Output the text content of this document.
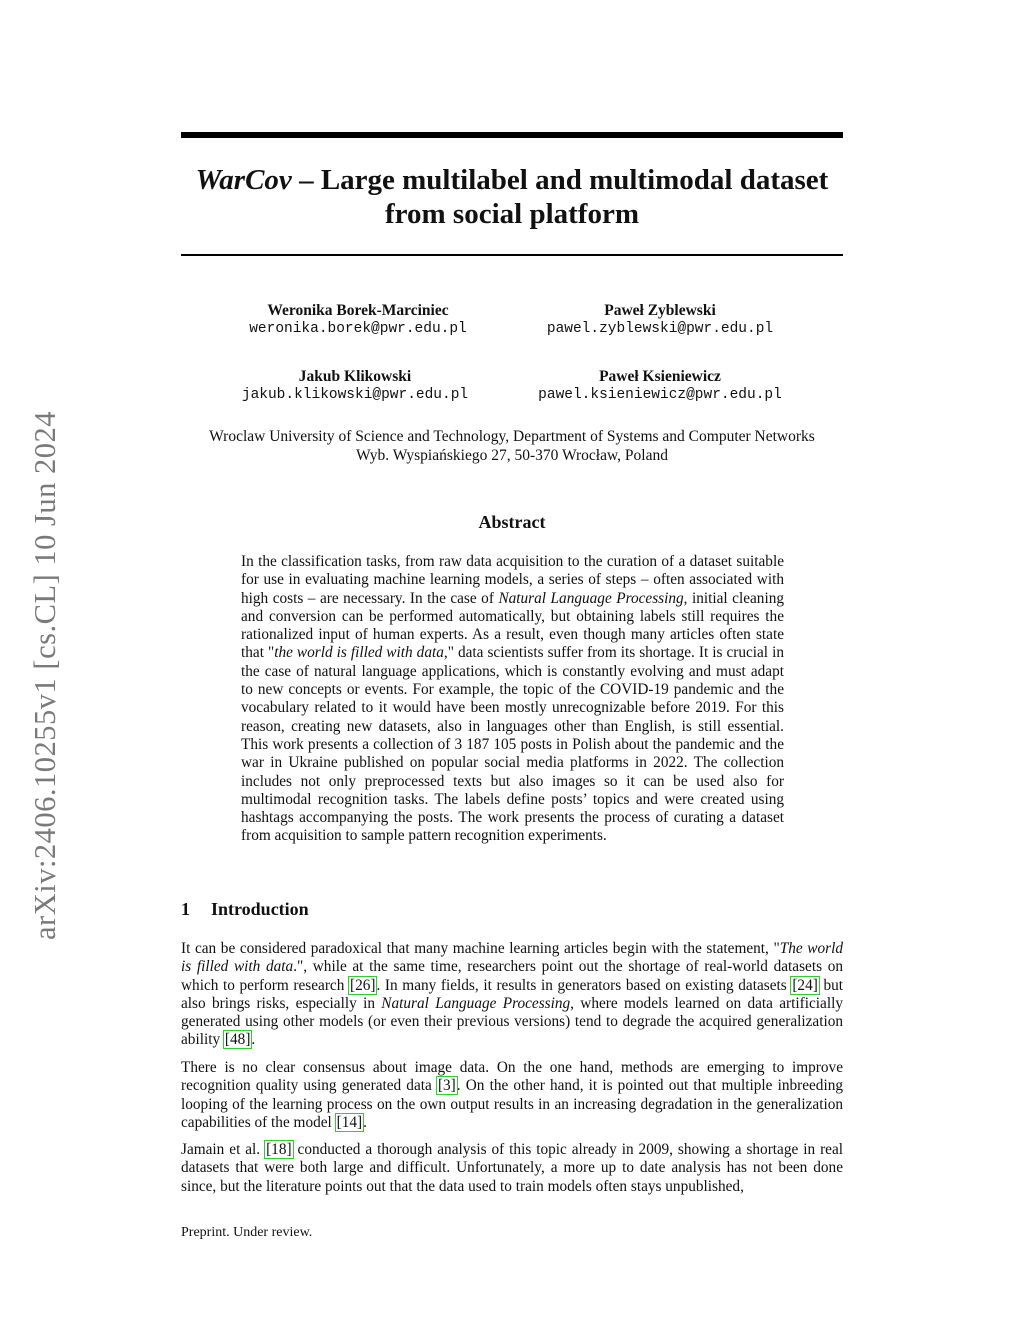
arXiv:2406.10255v1 [cs.CL] 10 Jun 2024
WarCov – Large multilabel and multimodal dataset
from social platform
Weronika Borek-Marciniec
weronika.borek@pwr.edu.pl
Paweł Zyblewski
pawel.zyblewski@pwr.edu.pl
Jakub Klikowski
jakub.klikowski@pwr.edu.pl
Paweł Ksieniewicz
pawel.ksieniewicz@pwr.edu.pl
Wroclaw University of Science and Technology, Department of Systems and Computer Networks
Wyb. Wyspiańskiego 27, 50-370 Wrocław, Poland
Abstract

In the classification tasks, from raw data acquisition to the curation of a dataset suitable for use in evaluating machine learning models, a series of steps – often associated with high costs – are necessary. In the case of Natural Language Processing, initial cleaning and conversion can be performed automatically, but obtaining labels still requires the rationalized input of human experts. As a result, even though many articles often state that "the world is filled with data," data scientists suffer from its shortage. It is crucial in the case of natural language applications, which is constantly evolving and must adapt to new concepts or events. For example, the topic of the COVID-19 pandemic and the vocabulary related to it would have been mostly unrecognizable before 2019. For this reason, creating new datasets, also in languages other than English, is still essential. This work presents a collection of 3 187 105 posts in Polish about the pandemic and the war in Ukraine published on popular social media platforms in 2022. The collection includes not only preprocessed texts but also images so it can be used also for multimodal recognition tasks. The labels define posts’ topics and were created using hashtags accompanying the posts. The work presents the process of curating a dataset from acquisition to sample pattern recognition experiments.

1 Introduction

It can be considered paradoxical that many machine learning articles begin with the statement, "The world is filled with data.", while at the same time, researchers point out the shortage of real-world datasets on which to perform research [26]. In many fields, it results in generators based on existing datasets [24] but also brings risks, especially in Natural Language Processing, where models learned on data artificially generated using other models (or even their previous versions) tend to degrade the acquired generalization ability [48].

There is no clear consensus about image data. On the one hand, methods are emerging to improve recognition quality using generated data [3]. On the other hand, it is pointed out that multiple inbreeding looping of the learning process on the own output results in an increasing degradation in the generalization capabilities of the model [14].

Jamain et al. [18] conducted a thorough analysis of this topic already in 2009, showing a shortage in real datasets that were both large and difficult. Unfortunately, a more up to date analysis has not been done since, but the literature points out that the data used to train models often stays unpublished,

Preprint. Under review.
